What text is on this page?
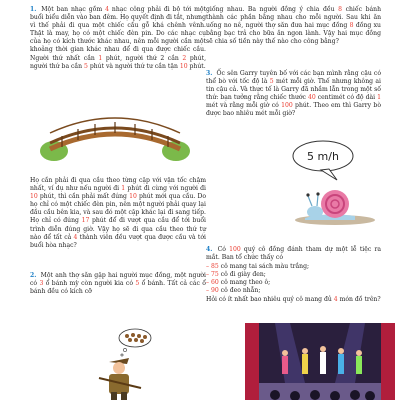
1. Một ban nhạc gồm 4 nhạc công phải đi bộ tới một buổi biểu diễn vào ban đêm. Họ quyết định đi tắt, nhưng vì thế phải đi qua một chiếc cầu gỗ khá chênh vênh. Thật là may, họ có một chiếc đèn pin. Do các nhạc cụ của họ có kích thước khác nhau, nên mỗi người cần một khoảng thời gian khác nhau để đi qua được chiếc cầu. Người thứ nhất cần 1 phút, người thứ 2 cần 2 phút, người thứ ba cần 5 phút và người thứ tư cần tận 10 phút.

Họ cần phải đi qua cầu theo từng cặp với vận tốc chậm nhất, ví dụ như nếu người đi 1 phút đi cùng với người đi 10 phút, thì cần phải mất đúng 10 phút mới qua cầu. Do họ chỉ có một chiếc đèn pin, nên một người phải quay lại đầu cầu bên kia, và sau đó một cặp khác lại đi sang tiếp. Họ chỉ có đúng 17 phút để đi vượt qua cầu để tới buổi trình diễn đúng giờ. Vậy họ sẽ đi qua cầu theo thứ tự nào để tất cả 4 thành viên đều vượt qua được cầu và tới buổi hòa nhạc?

2. Một anh thợ săn gặp hai người mục đồng, một người có 3 ổ bánh mỳ còn người kia có 5 ổ bánh. Tất cả các ổ bánh đều có kích cỡ

giống nhau. Ba người đồng ý chia đều 8 chiếc bánh thành các phần bằng nhau cho mỗi người. Sau khi ăn uống no nê, người thợ săn đưa hai mục đồng 8 đồng xu bằng bạc trả cho bữa ăn ngon lành. Vậy hai mục đồng sẽ chia số tiền này thế nào cho công bằng?

3. Ốc sên Garry tuyên bố với các bạn mình rằng cậu có thể bò với tốc độ là 5 mét mỗi giờ. Thế nhưng không ai tin cậu cả. Và thực tế là Garry đã nhầm lẫn trong một số thứ: bạn tưởng rằng chiếc thước 40 centimét có độ dài 1 mét và rằng mỗi giờ có 100 phút. Theo em thì Garry bò được bao nhiêu mét mỗi giờ?

5 m/h

4. Có 100 quý cô đồng đánh tham dự một lễ tiệc ra mắt. Ban tổ chức thấy có

– 85 cô mang tai sách màu trắng;

– 75 cô đi giày đen;

– 60 cô mang theo ô;

– 90 cô đeo nhẫn;

Hỏi có ít nhất bao nhiêu quý cô mang đủ 4 món đồ trên?
